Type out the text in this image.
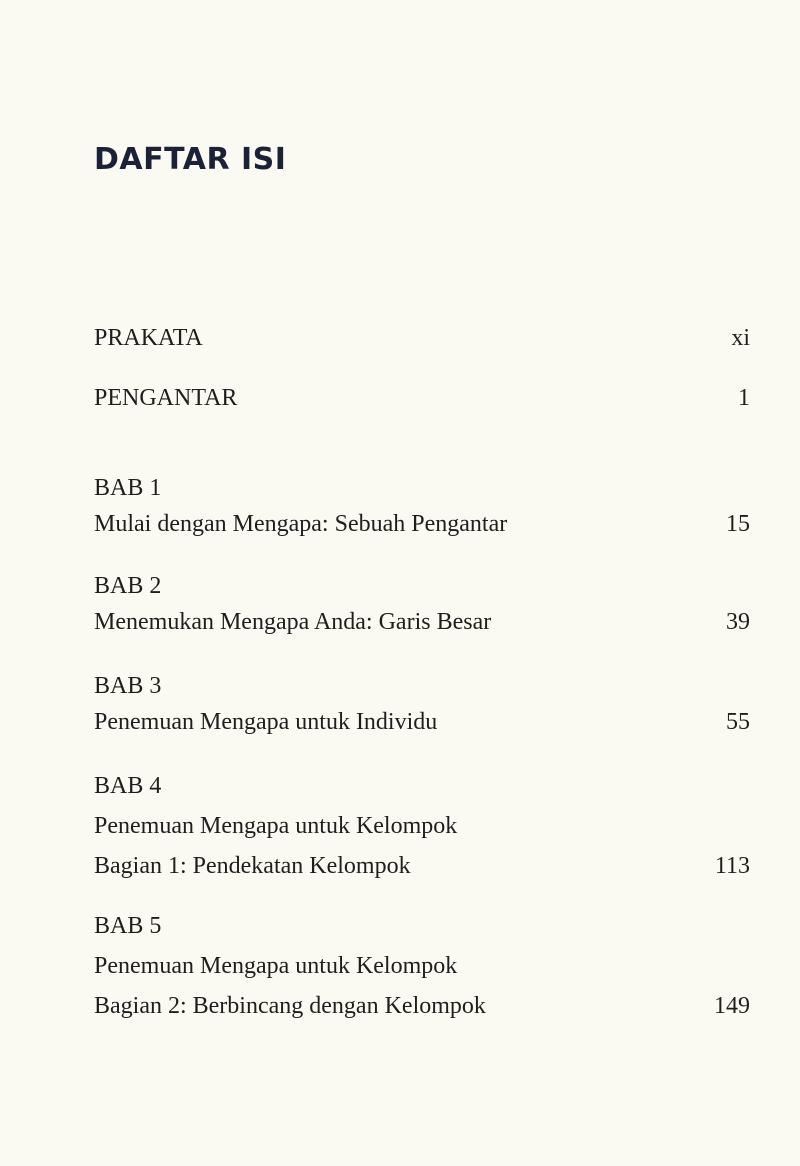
DAFTAR ISI
PRAKATA	xi
PENGANTAR	1
BAB 1
Mulai dengan Mengapa: Sebuah Pengantar	15
BAB 2
Menemukan Mengapa Anda: Garis Besar	39
BAB 3
Penemuan Mengapa untuk Individu	55
BAB 4
Penemuan Mengapa untuk Kelompok
Bagian 1: Pendekatan Kelompok	113
BAB 5
Penemuan Mengapa untuk Kelompok
Bagian 2: Berbincang dengan Kelompok	149
